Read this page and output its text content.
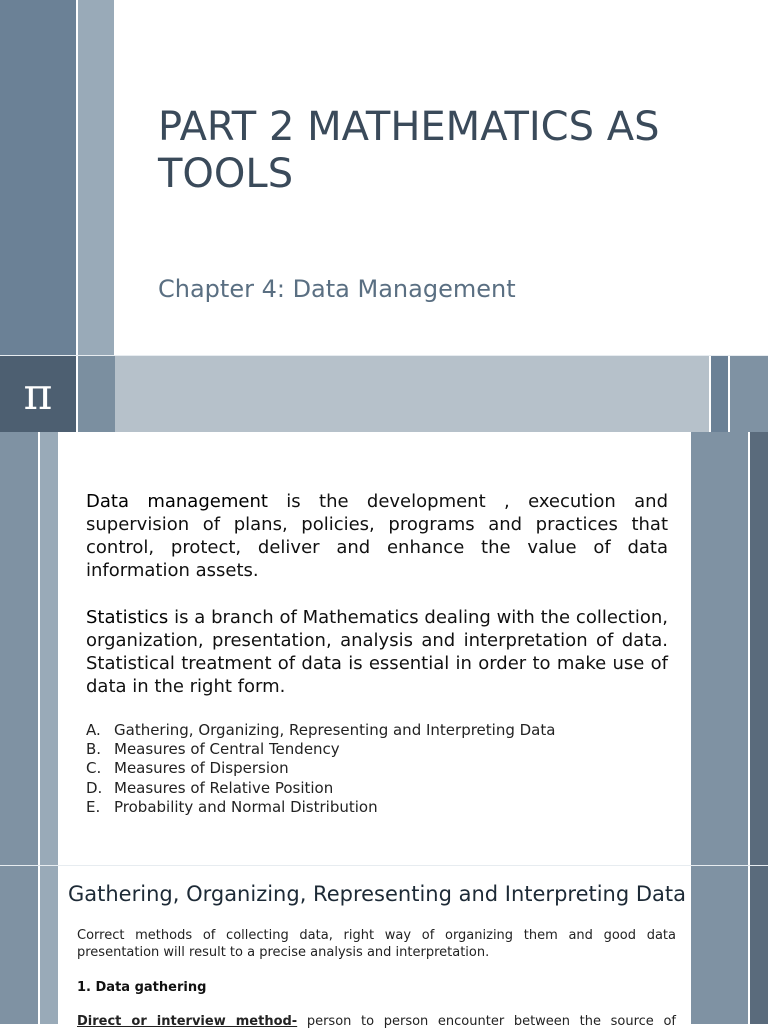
PART 2 MATHEMATICS AS TOOLS
Chapter 4: Data Management
π

Data management is the development , execution and supervision of plans, policies, programs and practices that control, protect, deliver and enhance the value of data information assets.

Statistics is a branch of Mathematics dealing with the collection, organization, presentation, analysis and interpretation of data. Statistical treatment of data is essential in order to make use of data in the right form.

A. Gathering, Organizing, Representing and Interpreting Data
B. Measures of Central Tendency
C. Measures of Dispersion
D. Measures of Relative Position
E. Probability and Normal Distribution
Gathering, Organizing, Representing and Interpreting Data

Correct methods of collecting data, right way of organizing them and good data presentation will result to a precise analysis and interpretation.

1. Data gathering

Direct or interview method- person to person encounter between the source of
